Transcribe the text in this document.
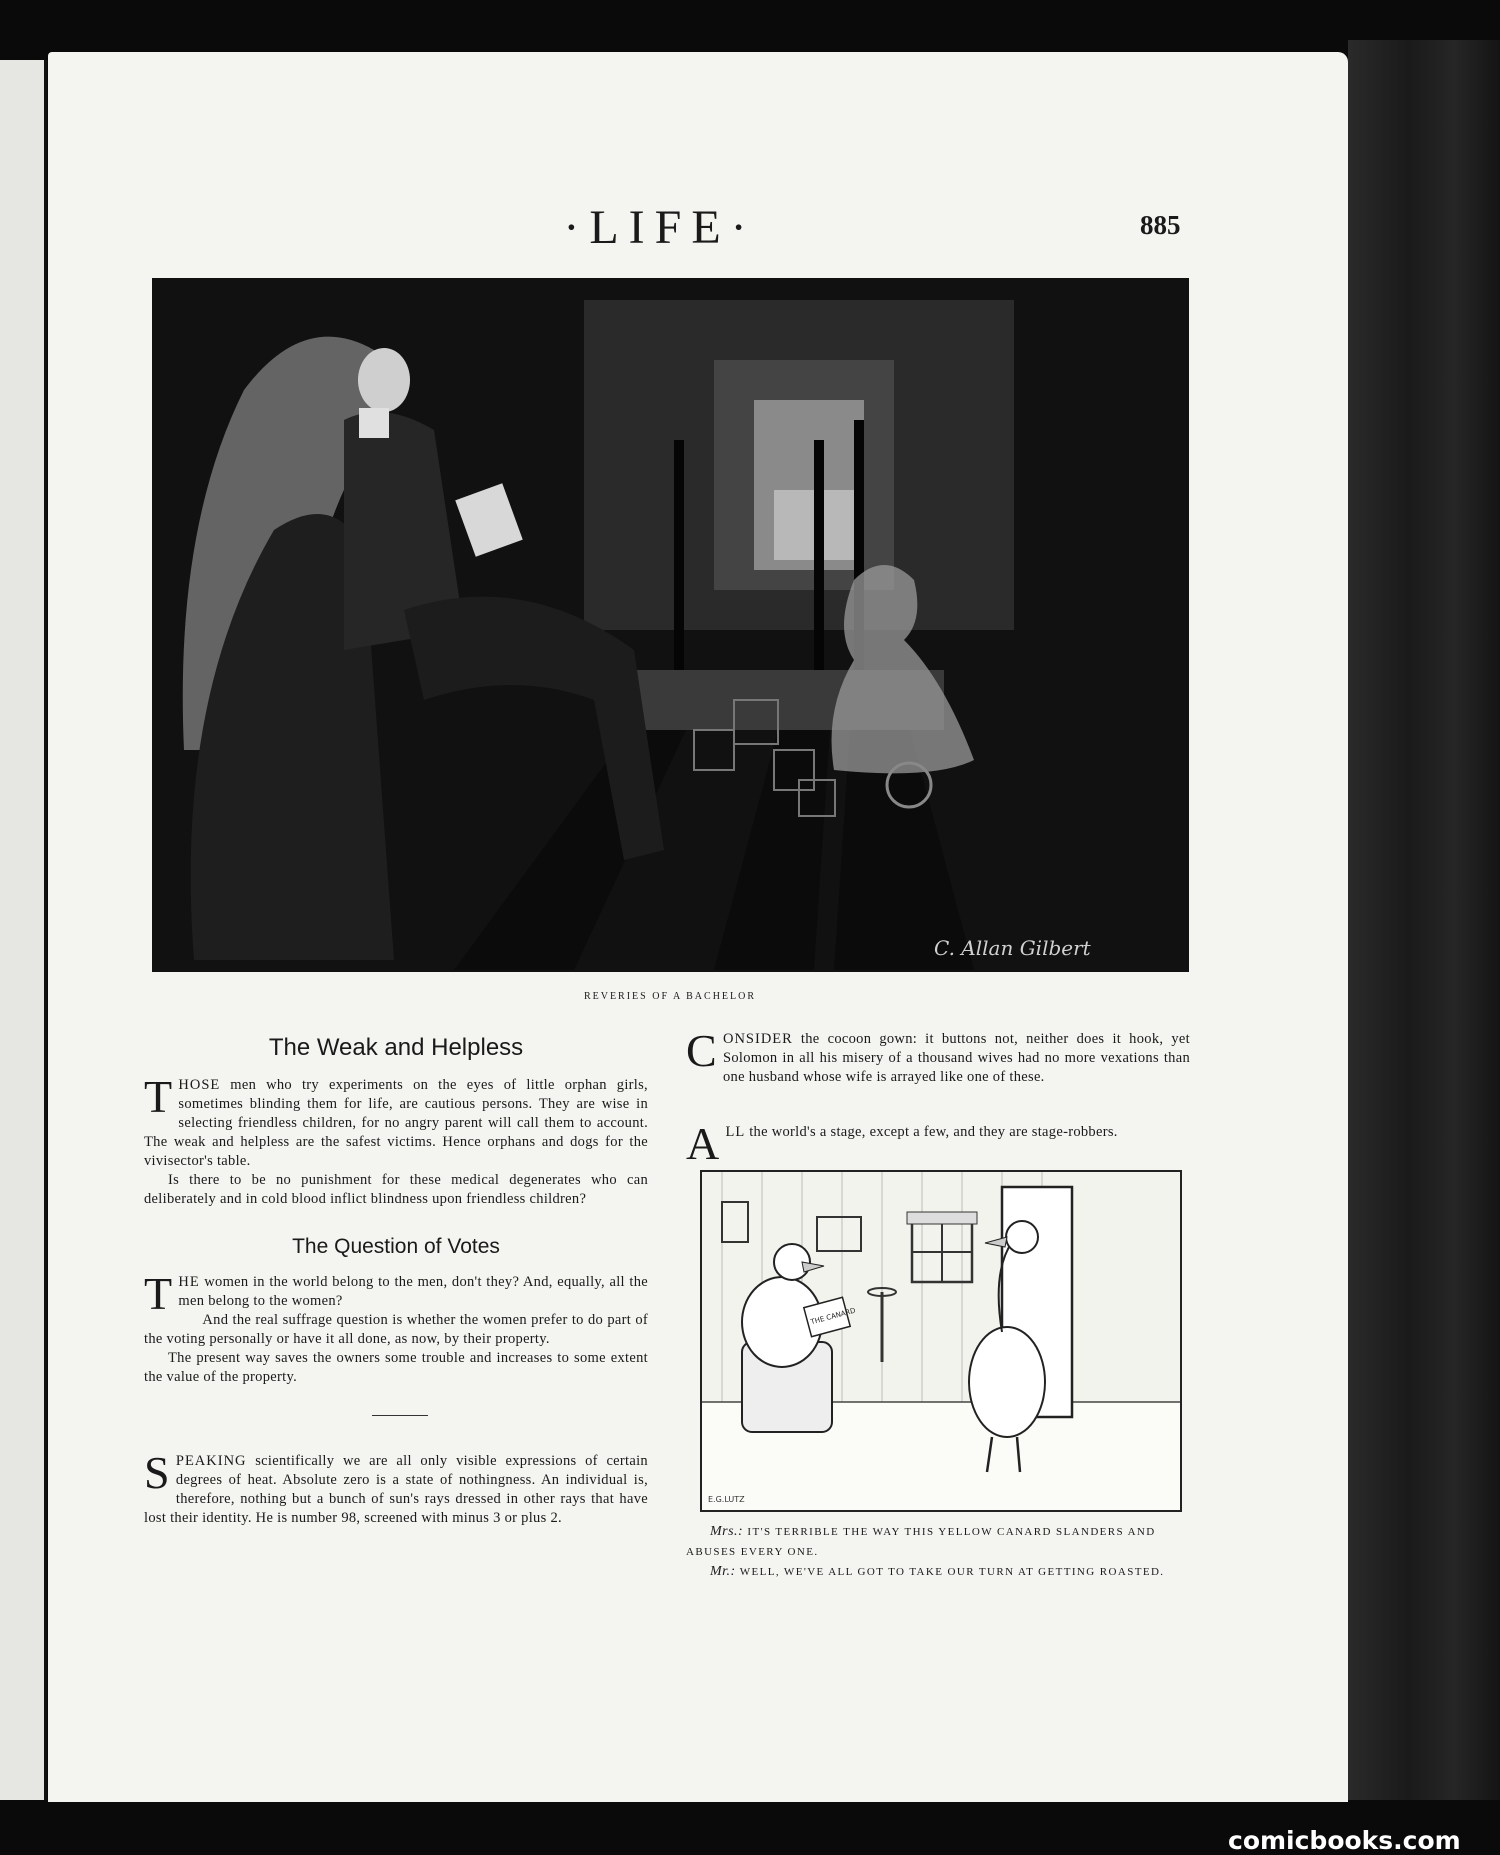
·LIFE·	885
C. Allan Gilbert
REVERIES OF A BACHELOR
The Weak and Helpless

THOSE men who try experiments on the eyes of little orphan girls, sometimes blinding them for life, are cautious persons. They are wise in selecting friendless children, for no angry parent will call them to account. The weak and helpless are the safest victims. Hence orphans and dogs for the vivisector's table.

Is there to be no punishment for these medical degenerates who can deliberately and in cold blood inflict blindness upon friendless children?

The Question of Votes

THE women in the world belong to the men, don't they? And, equally, all the men belong to the women?

And the real suffrage question is whether the women prefer to do part of the voting personally or have it all done, as now, by their property.

The present way saves the owners some trouble and increases to some extent the value of the property.

SPEAKING scientifically we are all only visible expressions of certain degrees of heat. Absolute zero is a state of nothingness. An individual is, therefore, nothing but a bunch of sun's rays dressed in other rays that have lost their identity. He is number 98, screened with minus 3 or plus 2.

CONSIDER the cocoon gown: it buttons not, neither does it hook, yet Solomon in all his misery of a thousand wives had no more vexations than one husband whose wife is arrayed like one of these.

ALL the world's a stage, except a few, and they are stage-robbers.

THE CANARD
E.G.LUTZ
Mrs.: IT'S TERRIBLE THE WAY THIS YELLOW CANARD SLANDERS AND ABUSES EVERY ONE.
Mr.: WELL, WE'VE ALL GOT TO TAKE OUR TURN AT GETTING ROASTED.
comicbooks.com
